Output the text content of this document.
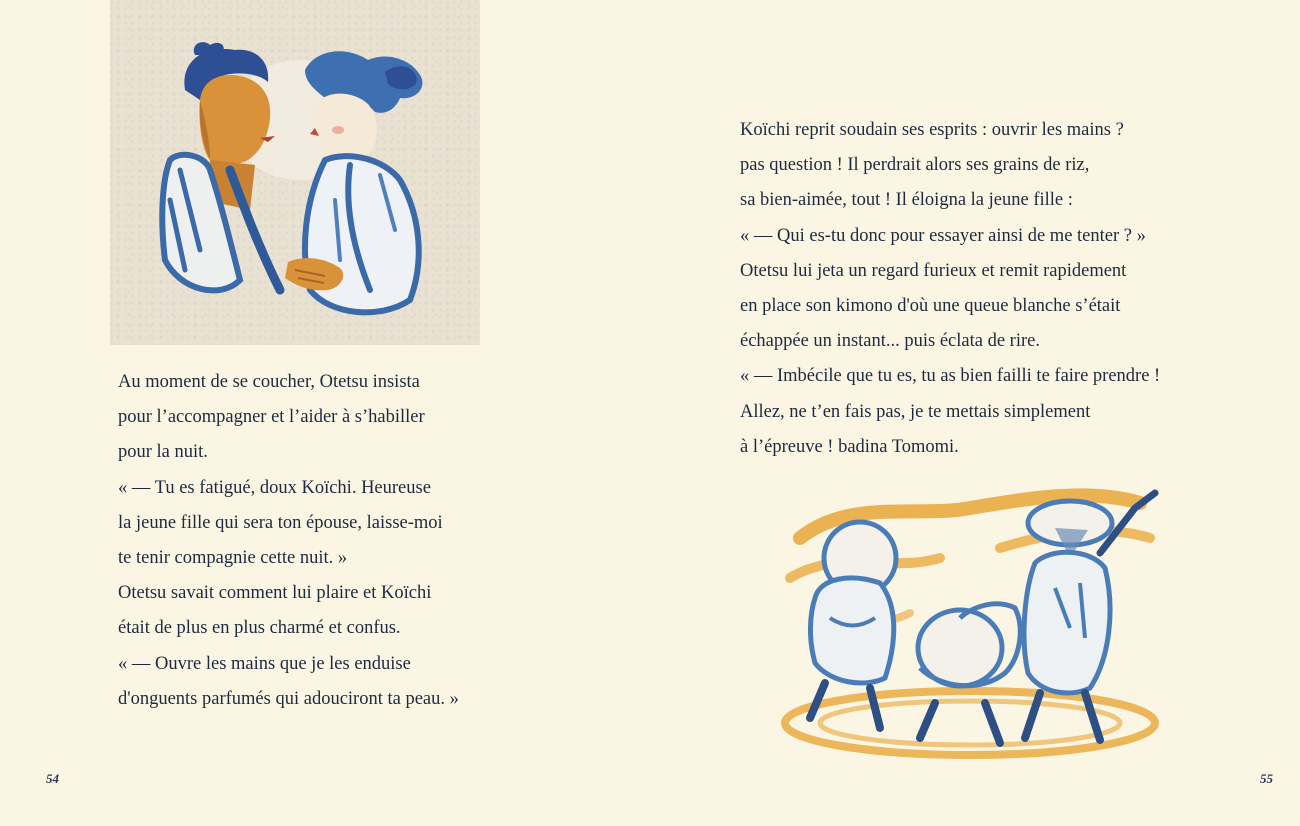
Au moment de se coucher, Otetsu insista
pour l’accompagner et l’aider à s’habiller
pour la nuit.
« — Tu es fatigué, doux Koïchi. Heureuse
la jeune fille qui sera ton épouse, laisse-moi
te tenir compagnie cette nuit. »
Otetsu savait comment lui plaire et Koïchi
était de plus en plus charmé et confus.
« — Ouvre les mains que je les enduise
d'onguents parfumés qui adouciront ta peau. »
54
Koïchi reprit soudain ses esprits : ouvrir les mains ?
pas question ! Il perdrait alors ses grains de riz,
sa bien-aimée, tout ! Il éloigna la jeune fille :
« — Qui es-tu donc pour essayer ainsi de me tenter ? »
Otetsu lui jeta un regard furieux et remit rapidement
en place son kimono d'où une queue blanche s’était
échappée un instant... puis éclata de rire.
« — Imbécile que tu es, tu as bien failli te faire prendre !
Allez, ne t’en fais pas, je te mettais simplement
à l’épreuve ! badina Tomomi.
55
